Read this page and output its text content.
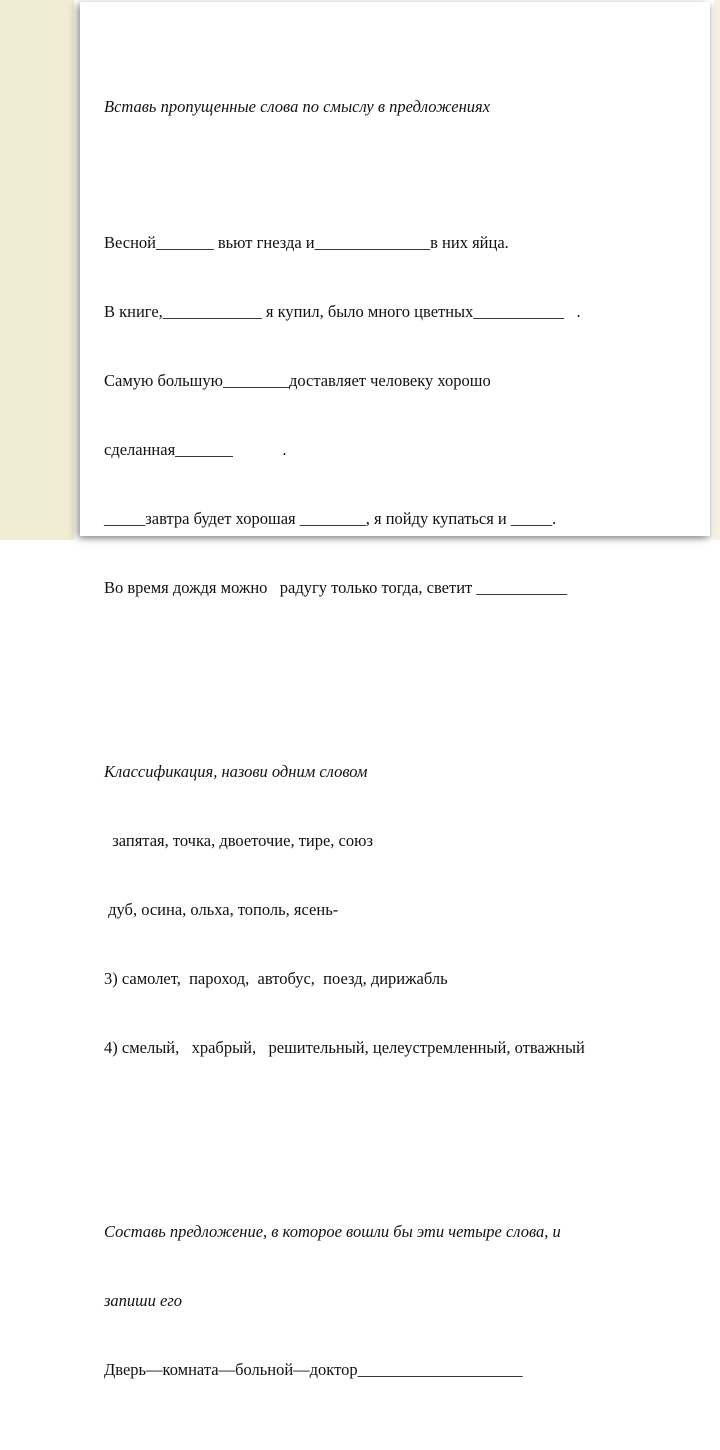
Вставь пропущенные слова по смыслу в предложениях

Весной_______ вьют гнезда и______________в них яйца.

В книге,____________ я купил, было много цветных___________   .

Самую большую________доставляет человеку хорошо

сделанная_______            .

_____завтра будет хорошая ________, я пойду купаться и _____.

Во время дождя можно   радугу только тогда, светит ___________

Классификация, назови одним словом

запятая, точка, двоеточие, тире, союз

дуб, осина, ольха, тополь, ясень-

3) самолет,  пароход,  автобус,  поезд, дирижабль

4) смелый,   храбрый,   решительный, целеустремленный, отважный

Составь предложение, в которое вошли бы эти четыре слова, и

запиши его

Дверь—комната—больной—доктор____________________
